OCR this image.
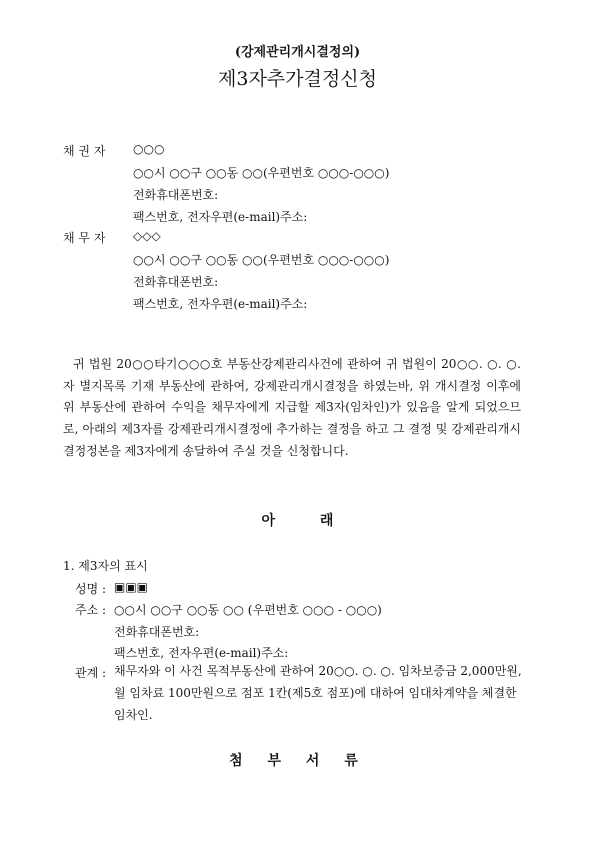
(강제관리개시결정의)
제3자추가결정신청
채 권 자 ○○○
○○시 ○○구 ○○동 ○○(우편번호 ○○○-○○○)
전화휴대폰번호:
팩스번호, 전자우편(e-mail)주소:
채 무 자 ◇◇◇
○○시 ○○구 ○○동 ○○(우편번호 ○○○-○○○)
전화휴대폰번호:
팩스번호, 전자우편(e-mail)주소:
귀 법원 20○○타기○○○호 부동산강제관리사건에 관하여 귀 법원이 20○○. ○. ○.자 별지목록 기재 부동산에 관하여, 강제관리개시결정을 하였는바, 위 개시결정 이후에 위 부동산에 관하여 수익을 채무자에게 지급할 제3자(임차인)가 있음을 알게 되었으므로, 아래의 제3자를 강제관리개시결정에 추가하는 결정을 하고 그 결정 및 강제관리개시결정정본을 제3자에게 송달하여 주실 것을 신청합니다.
아 래
1. 제3자의 표시
성명 : ▣▣▣
주소 : ○○시 ○○구 ○○동 ○○ (우편번호 ○○○ - ○○○)
전화휴대폰번호:
팩스번호, 전자우편(e-mail)주소:
관계 : 채무자와 이 사건 목적부동산에 관하여 20○○. ○. ○. 임차보증금 2,000만원, 월 임차료 100만원으로 점포 1칸(제5호 점포)에 대하여 임대차계약을 체결한 임차인.
첨 부 서 류
